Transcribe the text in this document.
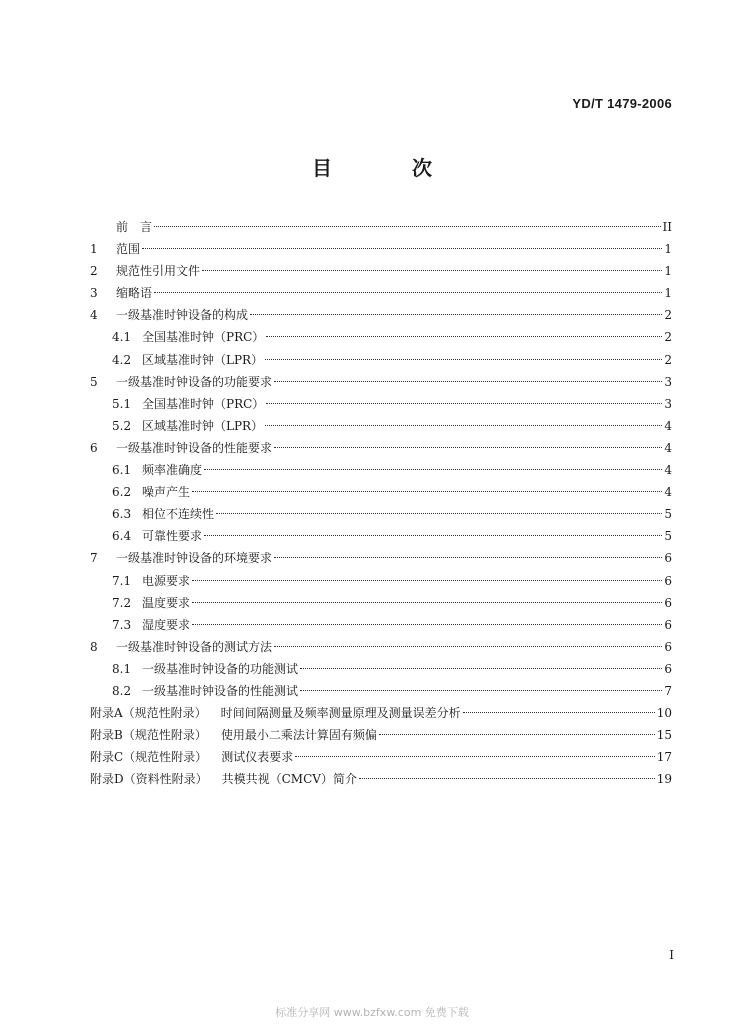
YD/T 1479-2006
目　次
前　言	II
1	范围	1
2	规范性引用文件	1
3	缩略语	1
4	一级基准时钟设备的构成	2
4.1 全国基准时钟（PRC）	2
4.2 区域基准时钟（LPR）	2
5	一级基准时钟设备的功能要求	3
5.1 全国基准时钟（PRC）	3
5.2 区域基准时钟（LPR）	4
6	一级基准时钟设备的性能要求	4
6.1 频率准确度	4
6.2 噪声产生	4
6.3 相位不连续性	5
6.4 可靠性要求	5
7	一级基准时钟设备的环境要求	6
7.1 电源要求	6
7.2 温度要求	6
7.3 湿度要求	6
8	一级基准时钟设备的测试方法	6
8.1 一级基准时钟设备的功能测试	6
8.2 一级基准时钟设备的性能测试	7
附录A（规范性附录）	时间间隔测量及频率测量原理及测量误差分析	10
附录B（规范性附录）	使用最小二乘法计算固有频偏	15
附录C（规范性附录）	测试仪表要求	17
附录D（资料性附录）	共模共视（CMCV）简介	19
I
标准分享网 www.bzfxw.com 免费下载
